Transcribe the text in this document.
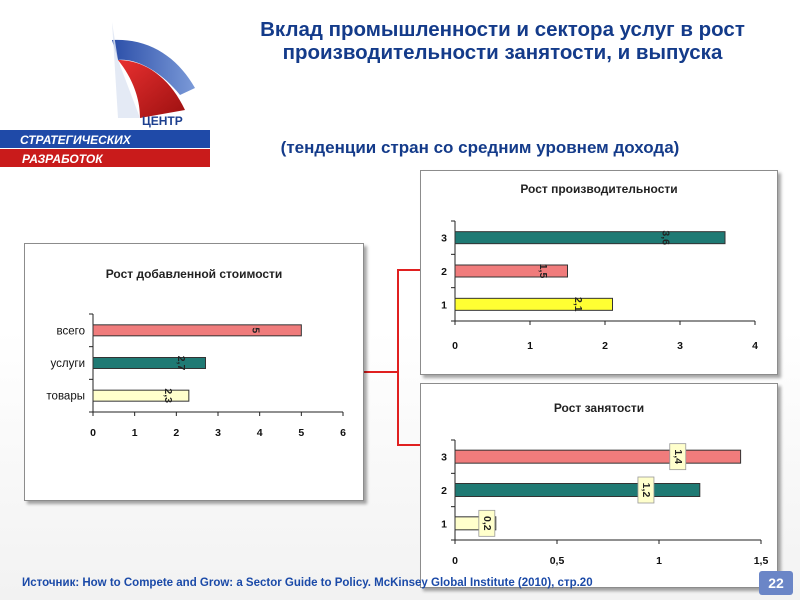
ЦЕНТР
СТРАТЕГИЧЕСКИХ
РАЗРАБОТОК
Вклад промышленности и сектора услуг в рост производительности занятости, и выпуска

(тенденции стран со средним уровнем дохода)

Рост добавленной стоимости
0	1	2	3	4	5	6
всего	5
услуги	2,7
товары	2,3
Рост производительности
0	1	2	3	4
3	3,6
2	1,5
1	2,1
Рост занятости
0	0,5	1	1,5
3	1,4
2	1,2
1	0,2

Источник: How to Compete and Grow: a Sector Guide to Policy. McKinsey Global Institute (2010), стр.20	22
